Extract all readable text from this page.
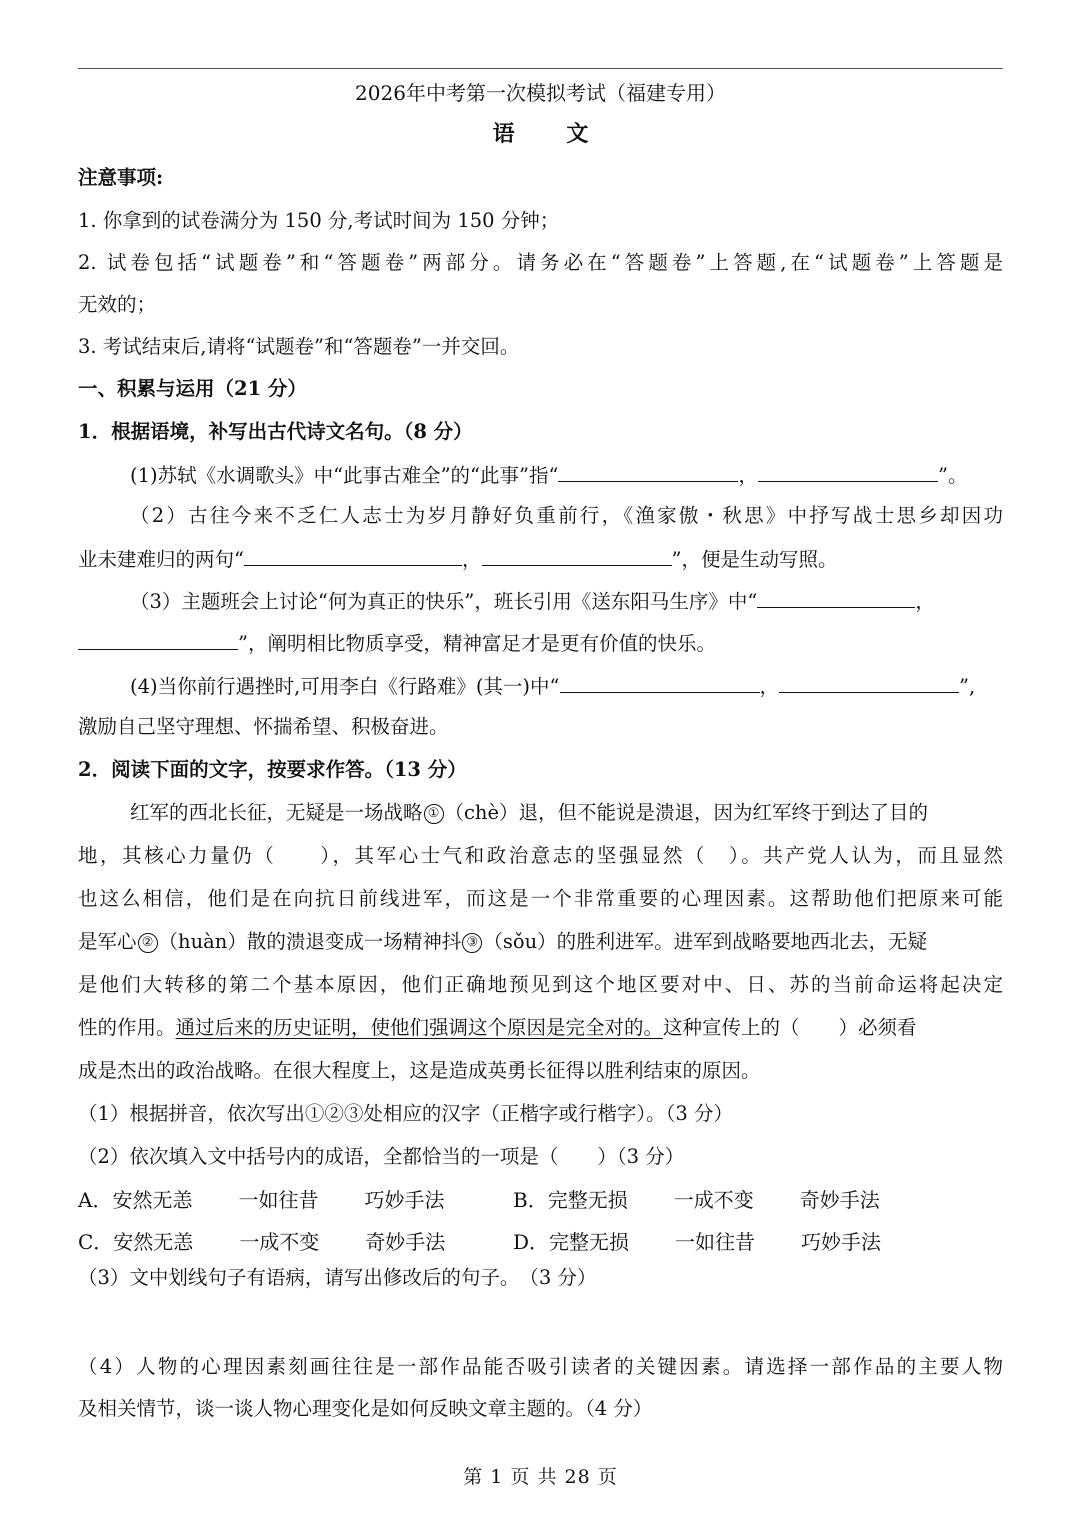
2026年中考第一次模拟考试（福建专用）
语 文
注意事项:
1. 你拿到的试卷满分为 150 分,考试时间为 150 分钟；
2. 试卷包括“试题卷”和“答题卷”两部分。请务必在“答题卷”上答题,在“试题卷”上答题是
无效的；
3. 考试结束后,请将“试题卷”和“答题卷”一并交回。
一、积累与运用（21 分）
1．根据语境，补写出古代诗文名句。（8 分）
(1)苏轼《水调歌头》中“此事古难全”的“此事”指“	，	”。
（2）古往今来不乏仁人志士为岁月静好负重前行，《渔家傲・秋思》中抒写战士思乡却因功
业未建难归的两句“	，	”，便是生动写照。
（3）主题班会上讨论“何为真正的快乐”，班长引用《送东阳马生序》中“	，
”，阐明相比物质享受，精神富足才是更有价值的快乐。
(4)当你前行遇挫时,可用李白《行路难》(其一)中“	，	”,
激励自己坚守理想、怀揣希望、积极奋进。
2．阅读下面的文字，按要求作答。（13 分）
红军的西北长征，无疑是一场战略 ① （chè）退，但不能说是溃退，因为红军终于到达了目的
地，其核心力量仍（　　），其军心士气和政治意志的坚强显然（　）。共产党人认为，而且显然
也这么相信，他们是在向抗日前线进军，而这是一个非常重要的心理因素。这帮助他们把原来可能
是军心 ② （huàn）散的溃退变成一场精神抖 ③ （sǒu）的胜利进军。进军到战略要地西北去，无疑
是他们大转移的第二个基本原因，他们正确地预见到这个地区要对中、日、苏的当前命运将起决定
性的作用。通过后来的历史证明，使他们强调这个原因是完全对的。这种宣传上的（　　）必须看
成是杰出的政治战略。在很大程度上，这是造成英勇长征得以胜利结束的原因。
（1）根据拼音，依次写出①②③处相应的汉字（正楷字或行楷字）。（3 分）
（2）依次填入文中括号内的成语，全都恰当的一项是（　　）（3 分）
A．安然无恙 一如往昔 巧妙手法	B．完整无损 一成不变 奇妙手法
C．安然无恙 一成不变 奇妙手法	D．完整无损 一如往昔 巧妙手法
（3）文中划线句子有语病，请写出修改后的句子。　（3 分）
（4）人物的心理因素刻画往往是一部作品能否吸引读者的关键因素。请选择一部作品的主要人物
及相关情节，谈一谈人物心理变化是如何反映文章主题的。（4 分）
第 1 页 共 28 页
